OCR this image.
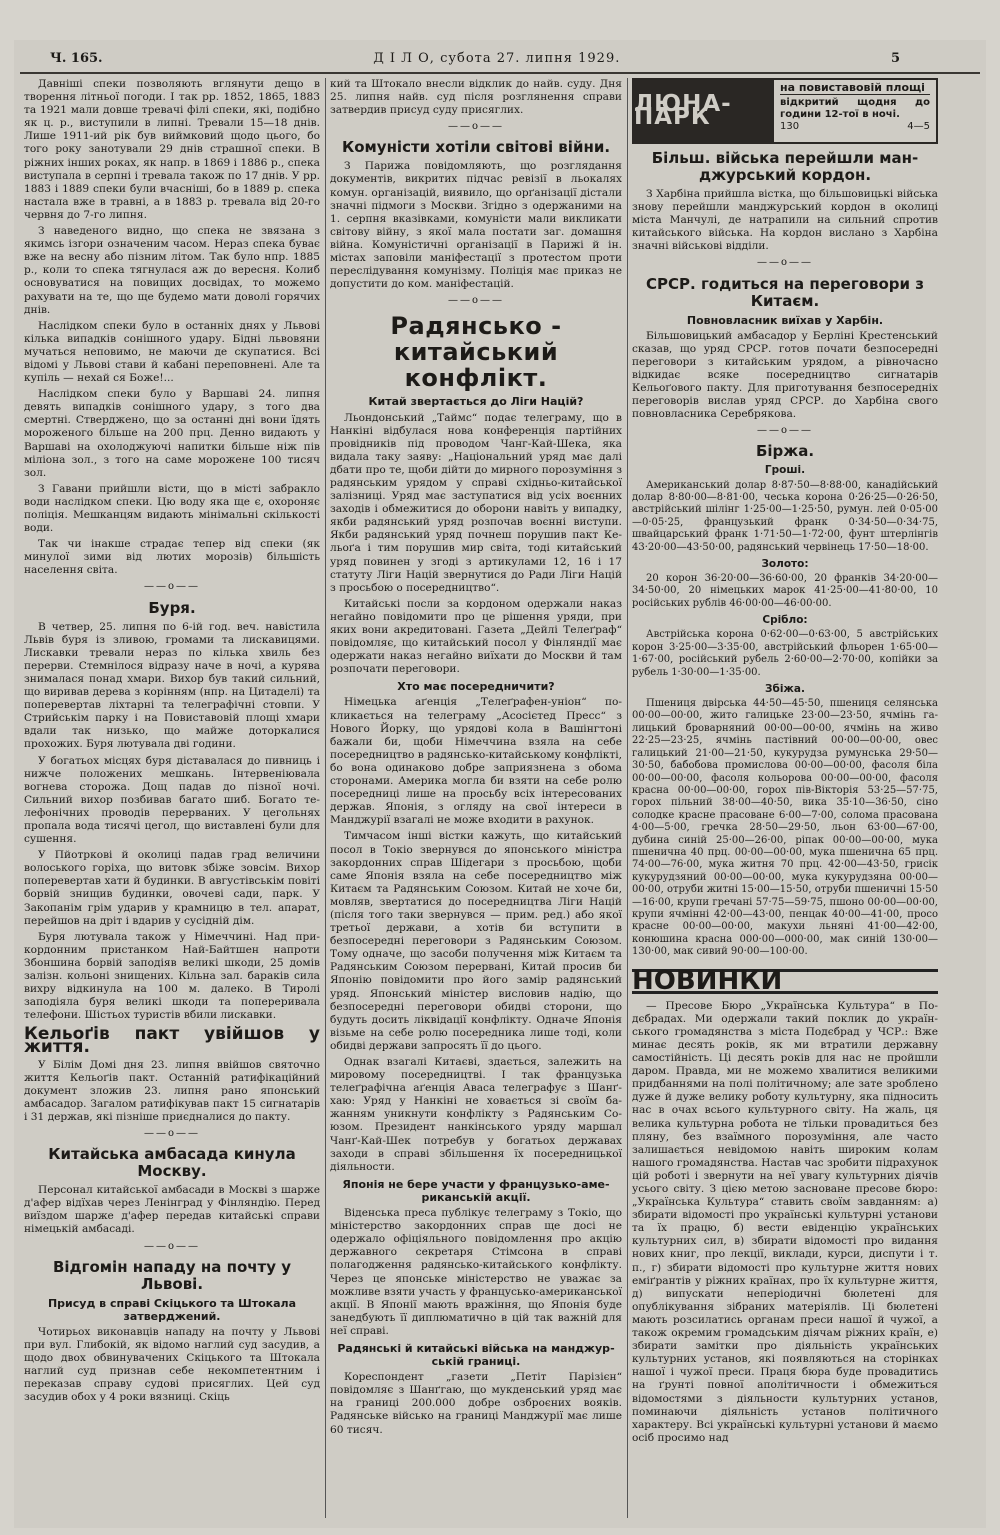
Ч. 165.	Д І Л О, субота 27. липня 1929.	5

Давніші спеки позволяють вглянути дещо в творення літньої погоди. І так рр. 1852, 1865, 1883 та 1921 мали довше тревачі філі спеки, які, подібно як ц. р., виступили в липні. Тревали 15—18 днів. Лише 1911-ий рік був виймковий щодо цього, бо того року занотували 29 днів страшної спеки. В ріжних інших роках, як напр. в 1869 і 1886 р., спека виступала в серпні і тревала також по 17 днів. У рр. 1883 і 1889 спеки були вчасніші, бо в 1889 р. спека настала вже в травні, а в 1883 р. тревала від 20-го червня до 7-го липня.

З наведеного видно, що спека не звязана з якимсь ізгори означеним часом. Нераз спека буває вже на весну або пізним літом. Так було нпр. 1885 р., коли то спека тягнулася аж до вересня. Колиб основуватися на повищих досвідах, то можемо рахувати на те, що ще будемо мати доволі горячих днів.

Наслідком спеки було в останніх днях у Львові кілька випадків сонішного удару. Бідні львовяни мучаться неповимо, не маючи де скупатися. Всі відомі у Львові стави й кабані переповнені. Але та купіль — нехай ся Боже!...

Наслідком спеки було у Варшаві 24. липня девять випадків сонішного удару, з того два смертні. Стверджено, що за останні дні вони їдять мороженого більше на 200 прц. Денно видають у Варшаві на охолоджуючі напитки більше ніж пів міліона зол., з того на саме морожене 100 тисяч зол.

З Гавани прийшли вісти, що в місті забракло води наслідком спеки. Цю воду яка ще є, охороняє поліція. Мешканцям видають мінімальні скількості води.

Так чи інакше страдає тепер від спеки (як минулої зими від лютих морозів) більшість населення світа.

——o——
Буря.

В четвер, 25. липня по 6-ій год. веч. навістила Львів буря із зливою, громами та лискавицями. Лискавки тревали нераз по кілька хвиль без перерви. Стемнілося відразу наче в ночі, а курява знималася понад хмари. Вихор був такий сильний, що виривав дерева з корінням (нпр. на Цитаделі) та поперевертав ліхтарні та телеграфічні стовпи. У Стрийськім парку і на Повиставовій площі хмари вдали так низько, що майже доторкалися прохожих. Буря лютувала дві години.

У богатьох місцях буря діставалася до пивниць і нижче положених мешкань. Інтервеніювала вогнева сторожа. Дощ падав до пізної ночі. Сильний вихор позбивав багато шиб. Богато телефонічних проводів перерваних. У цегольнях пропала вода тисячі цегол, що виставлені були для сушення.

У Пйотркові й околиці падав град величини волоського горіха, що витовк збіже зовсім. Вихор поперевертав хати й будинки. В августівськім повіті борвій знищив будинки, овочеві сади, парк. У Закопанім грім ударив у крамницю в тел. апарат, перейшов на дріт і вдарив у сусідній дім.

Буря лютувала також у Німеччині. Над прикордонним пристанком Най-Байтшен напроти Збоншина борвій заподіяв великі шкоди, 25 домів залізн. кольоні знищених. Кільна зал. бараків сила вихру відкинула на 100 м. далеко. В Тиролі заподіяла буря великі шкоди та попереривала телефони. Шістьох туристів вбили лискавки.

Кельоґів пакт увійшов у життя.

У Білім Домі дня 23. липня ввійшов святочно життя Кельоґів пакт. Останній ратифікаційний документ зложив 23. липня рано японський амбасадор. Загалом ратифікував пакт 15 сигнатарів і 31 держав, які пізніше приєдналися до пакту.

——o——
Китайська амбасада кинула Москву.

Персонал китайської амбасади в Москві з шарже д'афер відїхав через Ленінград у Фінляндію. Перед виїздом шарже д'афер передав китайські справи німецькій амбасаді.

——o——
Відгомін нападу на почту у Львові.
Присуд в справі Скіцького та Штокала затверджений.

Чотирьох виконавців нападу на почту у Львові при вул. Глибокій, як відомо наглий суд засудив, а щодо двох обвинувачених Скіцького та Штокала наглий суд признав себе некомпетентним і переказав справу судові присяглих. Цей суд засудив обох у 4 роки вязниці. Скіць

кий та Штокало внесли відклик до найв. суду. Дня 25. липня найв. суд після розглянення справи затвердив присуд суду присяглих.

——o——
Комуністи хотіли світові війни.

З Парижа повідомляють, що розглядання документів, викритих підчас ревізії в льокалях комун. організацій, виявило, що орґанізації дістали значні підмоги з Москви. Згідно з одержаними на 1. серпня вказівками, комуністи мали викликати світову війну, з якої мала постати заг. домашня війна. Комуністичні організації в Парижі й ін. містах заповіли маніфестації з протестом проти переслідування комунізму. Поліція має приказ не допустити до ком. маніфестацій.

——o——
Радянсько - китайський конфлікт.
Китай звертається до Ліги Націй?

Льондонський „Таймс“ подає телеграму, що в Нанкіні відбулася нова конференція партійних провідників під проводом Чанг-Кай-Шека, яка видала таку заяву: „Національний уряд має далі дбати про те, щоби дійти до мирного порозуміння з радянським урядом у справі східньо-китайської залізниці. Уряд має заступатися від усіх воєнних заходів і обмежитися до оборони навіть у випадку, якби радянський уряд розпочав воєнні виступи. Якби радянський уряд почнеш порушив пакт Кельоґа і тим порушив мир світа, тоді китайський уряд повинен у згоді з артикулами 12, 16 і 17 статуту Ліги Націй звернутися до Ради Ліги Націй з просьбою о посередництво“.

Китайські посли за кордоном одержали наказ негайно повідомити про це рішення уряди, при яких вони акредитовані. Газета „Дейлі Телеґраф“ повідомляє, що китайський посол у Фінляндії має одержати наказ негайно виїхати до Москви й там розпочати переговори.

Хто має посередничити?

Німецька аґенція „Телеґрафен-уніон“ покликається на телеграму „Асосієтед Пресс“ з Нового Йорку, що урядові кола в Вашінгтоні бажали би, щоби Німеччина взяла на себе посередництво в радянсько-китайському конфлікті, бо вона одинаково добре заприязнена з обома сторонами. Америка могла би взяти на себе ролю посередниці лише на просьбу всіх інтересованих держав. Японія, з огляду на свої інтереси в Манджурії взагалі не може входити в рахунок.

Тимчасом інші вістки кажуть, що китайський посол в Токіо звернувся до японського міністра закордонних справ Шідегари з просьбою, щоби саме Японія взяла на себе посередництво між Китаєм та Радянським Союзом. Китай не хоче би, мовляв, звертатися до посередництва Ліги Націй (після того таки звернувся — прим. ред.) або якої третьої держави, а хотів би вступити в безпосередні переговори з Радянським Союзом. Тому одначе, що засоби получення між Китаєм та Радянським Союзом перервані, Китай просив би Японію повідомити про його замір радянський уряд. Японський міністер висловив надію, що безпосередні переговори обидві сторони, що будуть досить ліквідації конфлікту. Одначе Японія візьме на себе ролю посередника лише тоді, коли обидві держави запросять її до цього.

Однак взагалі Китаєві, здається, залежить на мировому посередництві. І так французька телеґрафічна аґенція Аваса телеграфує з Шанґхаю: Уряд у Нанкіні не ховається зі своїм бажанням уникнути конфлікту з Радянським Союзом. Президент нанкінського уряду маршал Чанґ-Кай-Шек потребув у богатьох державах заходи в справі збільшення їх посередницької діяльности.

Японія не бере участи у французько-американській акції.

Віденська преса публікує телеграму з Токіо, що міністерство закордонних справ ще досі не одержало офіціяльного повідомлення про акцію державного секретаря Стімсона в справі полагодження радянсько-китайського конфлікту. Через це японське міністерство не уважає за можливе взяти участь у францусько-американської акції. В Японії мають вражіння, що Японія буде занедбують її диплюматично в цій так важній для неї справі.

Радянські й китайські війська на манджурській границі.

Кореспондент „газети „Петіт Парізієн“ повідомляє з Шанґгаю, що мукденський уряд має на границі 200.000 добре озброєних вояків. Радянське військо на границі Манджурії має лише 60 тисяч.

ЛЮНА-ПАРК
на повиставовій площі
відкритий щодня до години 12-тої в ночі.
130	4—5
Більш. війська перейшли манджурський кордон.

З Харбіна прийшла вістка, що більшовицькі війська знову перейшли манджурський кордон в околиці міста Манчулі, де натрапили на сильний спротив китайського війська. На кордон вислано з Харбіна значні військові відділи.

——o——
СРСР. годиться на переговори з Китаєм.
Повновласник виїхав у Харбін.

Більшовицький амбасадор у Берліні Крестенський сказав, що уряд СРСР. готов почати безпосередні переговори з китайським урядом, а рівночасно відкидає всяке посередництво сигнатарів Кельоґового пакту. Для приготування безпосередніх переговорів вислав уряд СРСР. до Харбіна свого повновласника Серебрякова.

——o——
Біржа.
Гроші.

Американський долар 8·87·50—8·88·00, канадійський долар 8·80·00—8·81·00, чеська корона 0·26·25—0·26·50, австрійський шілінг 1·25·00—1·25·50, румун. лей 0·05·00—0·05·25, французький франк 0·34·50—0·34·75, швайцарський франк 1·71·50—1·72·00, фунт штерлінгів 43·20·00—43·50·00, радянський червінець 17·50—18·00.

Золото:

20 корон 36·20·00—36·60·00, 20 франків 34·20·00—34·50·00, 20 німецьких марок 41·25·00—41·80·00, 10 російських рублів 46·00·00—46·00·00.

Срібло:

Австрійська корона 0·62·00—0·63·00, 5 австрійських корон 3·25·00—3·35·00, австрійський фльорен 1·65·00—1·67·00, російський рубель 2·60·00—2·70·00, копійки за рубель 1·30·00—1·35·00.

Збіжа.

Пшениця двірська 44·50—45·50, пшениця селянська 00·00—00·00, жито галицьке 23·00—23·50, ячмінь галицький броварняний 00·00—00·00, ячмінь на живо 22·25—23·25, ячмінь пастівний 00·00—00·00, овес галицький 21·00—21·50, кукурудза румунська 29·50—30·50, бабобова промислова 00·00—00·00, фасоля біла 00·00—00·00, фасоля кольорова 00·00—00·00, фасоля красна 00·00—00·00, горох пів-Вікторія 53·25—57·75, горох пільний 38·00—40·50, вика 35·10—36·50, сіно солодке красне прасоване 6·00—7·00, солома прасована 4·00—5·00, гречка 28·50—29·50, льон 63·00—67·00, дубина синій 25·00—26·00, ріпак 00·00—00·00, мука пшенична 40 прц. 00·00—00·00, мука пшенична 65 прц. 74·00—76·00, мука житня 70 прц. 42·00—43·50, грисік кукурудзяний 00·00—00·00, мука кукурудзяна 00·00—00·00, отруби житні 15·00—15·50, отруби пшеничні 15·50—16·00, крупи гречані 57·75—59·75, пшоно 00·00—00·00, крупи ячмінні 42·00—43·00, пенцак 40·00—41·00, просо красне 00·00—00·00, макухи льняні 41·00—42·00, конюшина красна 000·00—000·00, мак синій 130·00—130·00, мак сивий 90·00—100·00.

НОВИНКИ

— Пресове Бюро „Українська Культура“ в Подєбрадах. Ми одержали такий поклик до українського громадянства з міста Подєбрад у ЧСР.: Вже минає десять років, як ми втратили державну самостійність. Ці десять років для нас не пройшли даром. Правда, ми не можемо хвалитися великими придбаннями на полі політичному; але зате зроблено дуже й дуже велику роботу культурну, яка підносить нас в очах всього культурного світу. На жаль, ця велика культурна робота не тільки провадиться без пляну, без взаїмного порозуміння, але часто залишається невідомою навіть широким колам нашого громадянства. Настав час зробити підрахунок цій роботі і звернути на неї увагу культурних діячів усього світу. З цією метою засноване пресове бюро: „Українська Культура“ ставить своїм завданням: а) збирати відомості про українські культурні установи та їх працю, б) вести евіденцію українських культурних сил, в) збирати відомості про видання нових книг, про лекції, виклади, курси, диспути і т. п., г) збирати відомості про культурне життя нових еміґрантів у ріжних країнах, про їх культурне життя, д) випускати неперіодичні бюлетені для опублікування зібраних матеріялів. Ці бюлетені мають розсилатись органам преси нашої й чужої, а також окремим громадським діячам ріжних країн, е) збирати замітки про діяльність українських культурних установ, які появляються на сторінках нашої і чужої преси. Праця бюра буде провадитись на ґрунті повної аполітичности і обмежиться відомостями з діяльности культурних установ, поминаючи діяльність установ політичного характеру. Всі українські культурні установи й маємо осіб просимо над
